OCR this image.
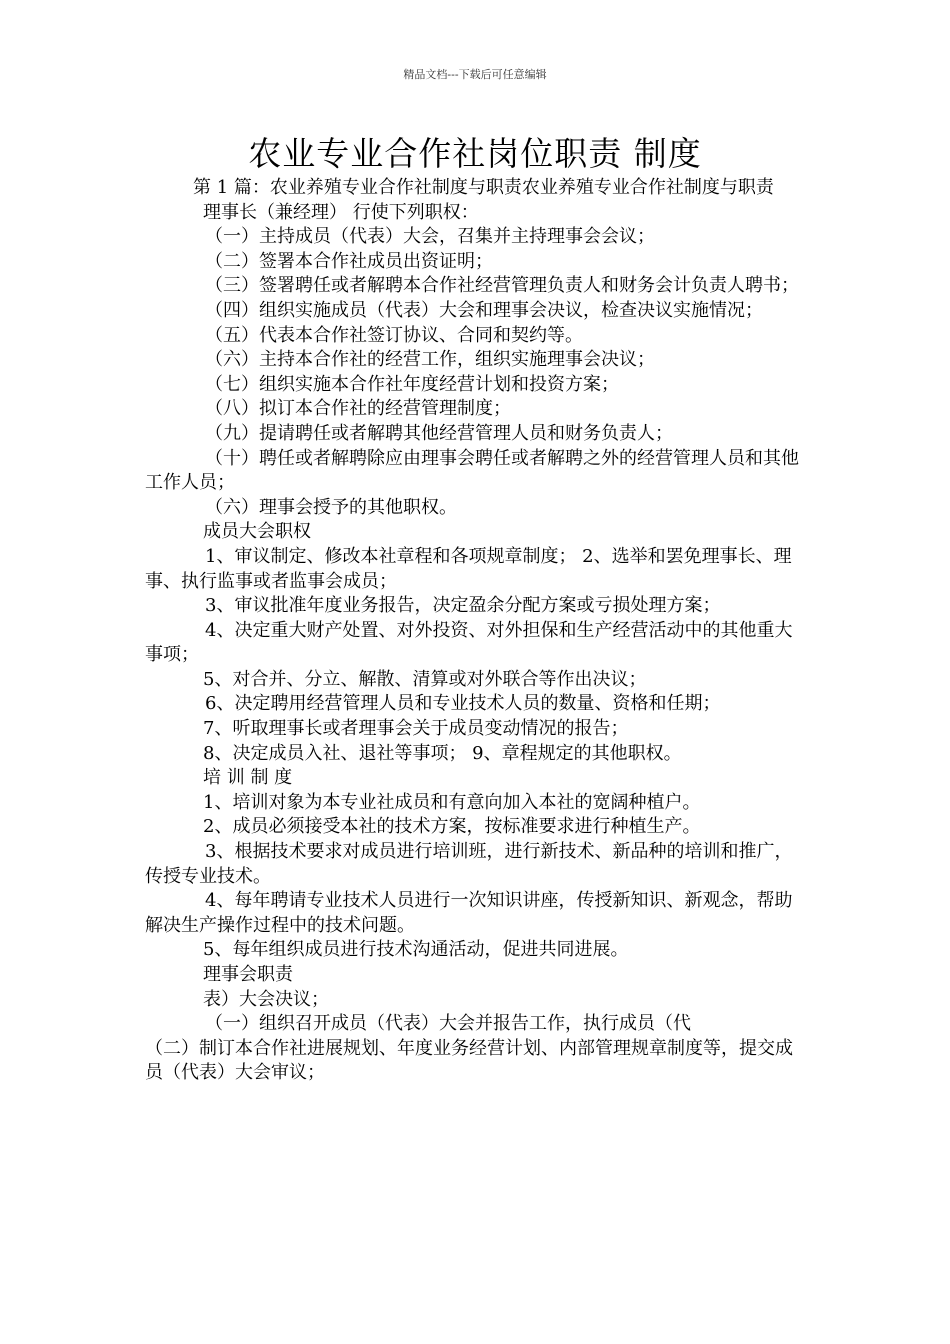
精品文档---下载后可任意编辑
农业专业合作社岗位职责 制度

第 1 篇：农业养殖专业合作社制度与职责农业养殖专业合作社制度与职责

理事长（兼经理） 行使下列职权：

（一）主持成员（代表）大会，召集并主持理事会会议；

（二）签署本合作社成员出资证明；

（三）签署聘任或者解聘本合作社经营管理负责人和财务会计负责人聘书；

（四）组织实施成员（代表）大会和理事会决议，检查决议实施情况；

（五）代表本合作社签订协议、合同和契约等。

（六）主持本合作社的经营工作，组织实施理事会决议；

（七）组织实施本合作社年度经营计划和投资方案；

（八）拟订本合作社的经营管理制度；

（九）提请聘任或者解聘其他经营管理人员和财务负责人；

（十）聘任或者解聘除应由理事会聘任或者解聘之外的经营管理人员和其他工作人员；

（六）理事会授予的其他职权。

成员大会职权

1、审议制定、修改本社章程和各项规章制度； 2、选举和罢免理事长、理事、执行监事或者监事会成员；

3、审议批准年度业务报告，决定盈余分配方案或亏损处理方案；

4、决定重大财产处置、对外投资、对外担保和生产经营活动中的其他重大事项；

5、对合并、分立、解散、清算或对外联合等作出决议；

6、决定聘用经营管理人员和专业技术人员的数量、资格和任期；

7、听取理事长或者理事会关于成员变动情况的报告；

8、决定成员入社、退社等事项； 9、章程规定的其他职权。

培 训 制 度

1、培训对象为本专业社成员和有意向加入本社的宽阔种植户。

2、成员必须接受本社的技术方案，按标准要求进行种植生产。

3、根据技术要求对成员进行培训班，进行新技术、新品种的培训和推广，传授专业技术。

4、每年聘请专业技术人员进行一次知识讲座，传授新知识、新观念，帮助解决生产操作过程中的技术问题。

5、每年组织成员进行技术沟通活动，促进共同进展。

理事会职责

表）大会决议；

（一）组织召开成员（代表）大会并报告工作，执行成员（代

（二）制订本合作社进展规划、年度业务经营计划、内部管理规章制度等，提交成员（代表）大会审议；
